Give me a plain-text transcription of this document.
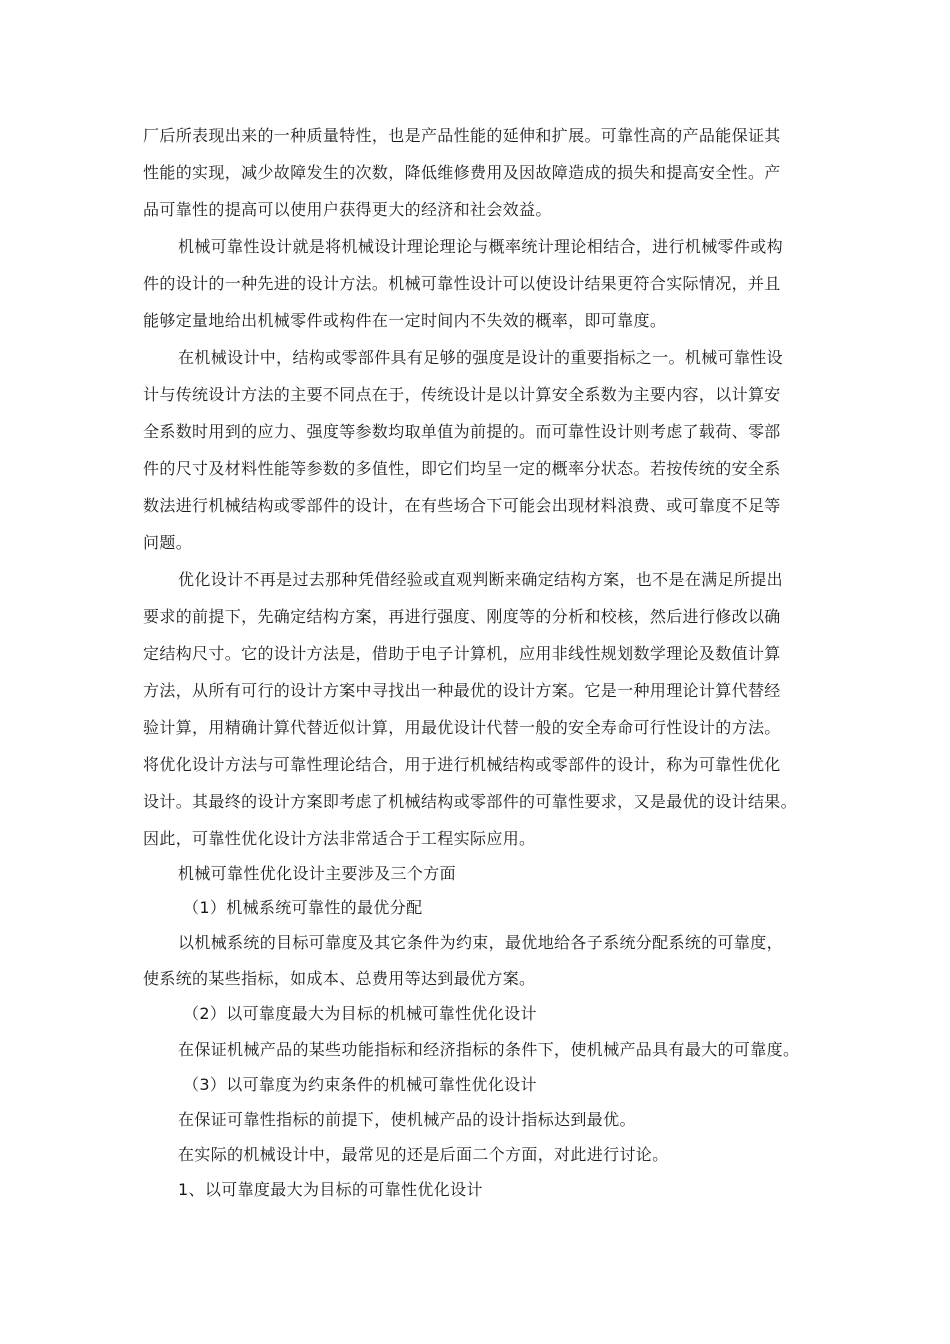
厂后所表现出来的一种质量特性，也是产品性能的延伸和扩展。可靠性高的产品能保证其
性能的实现，减少故障发生的次数，降低维修费用及因故障造成的损失和提高安全性。产
品可靠性的提高可以使用户获得更大的经济和社会效益。
机械可靠性设计就是将机械设计理论理论与概率统计理论相结合，进行机械零件或构
件的设计的一种先进的设计方法。机械可靠性设计可以使设计结果更符合实际情况，并且
能够定量地给出机械零件或构件在一定时间内不失效的概率，即可靠度。
在机械设计中，结构或零部件具有足够的强度是设计的重要指标之一。机械可靠性设
计与传统设计方法的主要不同点在于，传统设计是以计算安全系数为主要内容，以计算安
全系数时用到的应力、强度等参数均取单值为前提的。而可靠性设计则考虑了载荷、零部
件的尺寸及材料性能等参数的多值性，即它们均呈一定的概率分状态。若按传统的安全系
数法进行机械结构或零部件的设计，在有些场合下可能会出现材料浪费、或可靠度不足等
问题。
优化设计不再是过去那种凭借经验或直观判断来确定结构方案，也不是在满足所提出
要求的前提下，先确定结构方案，再进行强度、刚度等的分析和校核，然后进行修改以确
定结构尺寸。它的设计方法是，借助于电子计算机，应用非线性规划数学理论及数值计算
方法，从所有可行的设计方案中寻找出一种最优的设计方案。它是一种用理论计算代替经
验计算，用精确计算代替近似计算，用最优设计代替一般的安全寿命可行性设计的方法。
将优化设计方法与可靠性理论结合，用于进行机械结构或零部件的设计，称为可靠性优化
设计。其最终的设计方案即考虑了机械结构或零部件的可靠性要求，又是最优的设计结果。
因此，可靠性优化设计方法非常适合于工程实际应用。
机械可靠性优化设计主要涉及三个方面
（1）机械系统可靠性的最优分配
以机械系统的目标可靠度及其它条件为约束，最优地给各子系统分配系统的可靠度，
使系统的某些指标，如成本、总费用等达到最优方案。
（2）以可靠度最大为目标的机械可靠性优化设计
在保证机械产品的某些功能指标和经济指标的条件下，使机械产品具有最大的可靠度。
（3）以可靠度为约束条件的机械可靠性优化设计
在保证可靠性指标的前提下，使机械产品的设计指标达到最优。
在实际的机械设计中，最常见的还是后面二个方面，对此进行讨论。
1、以可靠度最大为目标的可靠性优化设计
